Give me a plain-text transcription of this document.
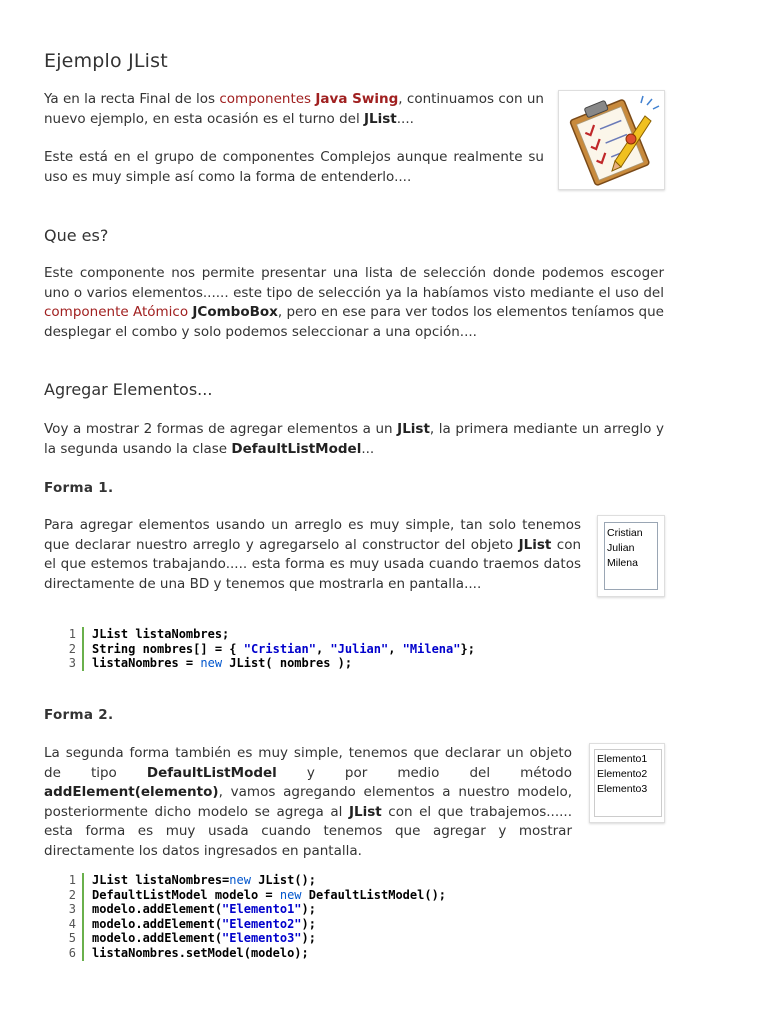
Ejemplo JList

Ya en la recta Final de los componentes Java Swing, continuamos con un nuevo ejemplo, en esta ocasión es el turno del JList....

Este está en el grupo de componentes Complejos aunque realmente su uso es muy simple así como la forma de entenderlo....

Que es?

Este componente nos permite presentar una lista de selección donde podemos escoger uno o varios elementos...... este tipo de selección ya la habíamos visto mediante el uso del componente Atómico JComboBox, pero en ese para ver todos los elementos teníamos que desplegar el combo y solo podemos seleccionar a una opción....

Agregar Elementos...

Voy a mostrar 2 formas de agregar elementos a un JList, la primera mediante un arreglo y la segunda usando la clase DefaultListModel...

Forma 1.

Para agregar elementos usando un arreglo es muy simple, tan solo tenemos que declarar nuestro arreglo y agregarselo al constructor del objeto JList con el que estemos trabajando..... esta forma es muy usada cuando traemos datos directamente de una BD y tenemos que mostrarla en pantalla....

Cristian
Julian
Milena
1	JList listaNombres;
2	String nombres[] = { "Cristian", "Julian", "Milena"};
3	listaNombres = new JList( nombres );
Forma 2.

La segunda forma también es muy simple, tenemos que declarar un objeto de tipo DefaultListModel y por medio del método addElement(elemento), vamos agregando elementos a nuestro modelo, posteriormente dicho modelo se agrega al JList con el que trabajemos...... esta forma es muy usada cuando tenemos que agregar y mostrar directamente los datos ingresados en pantalla.

Elemento1
Elemento2
Elemento3
1	JList listaNombres=new JList();
2	DefaultListModel modelo = new DefaultListModel();
3	modelo.addElement("Elemento1");
4	modelo.addElement("Elemento2");
5	modelo.addElement("Elemento3");
6	listaNombres.setModel(modelo);
